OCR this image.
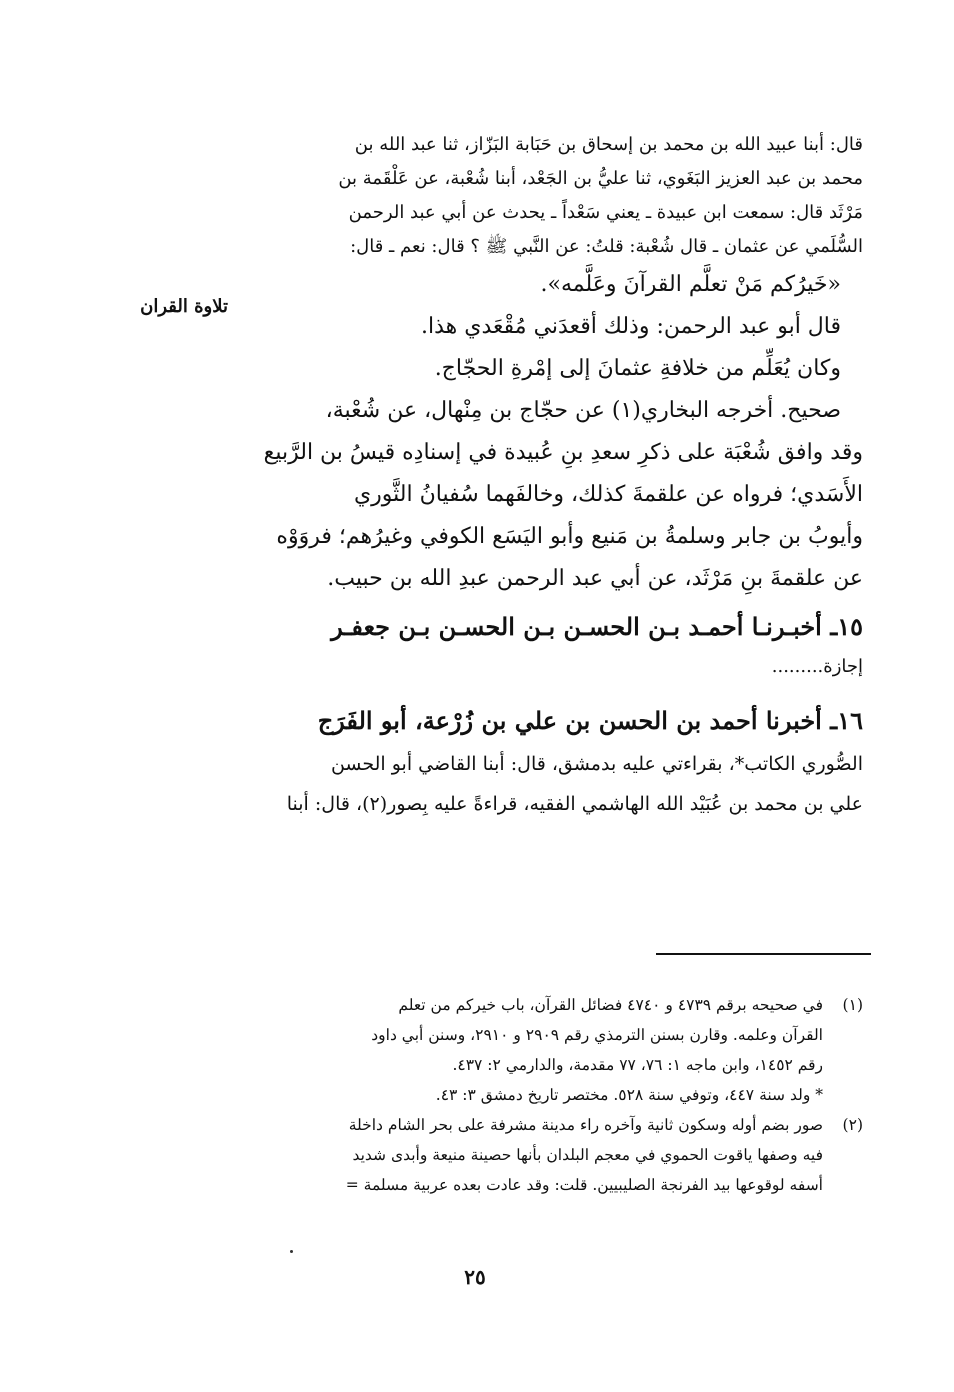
تلاوة القران
قال: أبنا عبيد الله بن محمد بن إسحاق بن حَبَابة البَزّاز، ثنا عبد الله بن
محمد بن عبد العزيز البَغَوي، ثنا عليُّ بن الجَعْد، أبنا شُعْبة، عن عَلْقَمة بن
مَرْثَد قال: سمعت ابن عبيدة ـ يعني سَعْداً ـ يحدث عن أبي عبد الرحمن
السُّلَمي عن عثمان ـ قال شُعْبة: قلتُ: عن النَّبي ﷺ ؟ قال: نعم ـ قال:
«خَيرُكم مَنْ تعلَّم القرآنَ وعَلَّمه».
قال أبو عبد الرحمن: وذلك أقعدَني مُقْعَدي هذا.
وكان يُعَلِّم من خلافةِ عثمانَ إلى إمْرةِ الحجّاج.
صحيح. أخرجه البخاري(١) عن حجّاج بن مِنْهال، عن شُعْبة،
وقد وافق شُعْبَة على ذكرِ سعدِ بنِ عُبيدة في إسنادِه قيسُ بن الرَّبيع
الأَسَدي؛ فرواه عن علقمةَ كذلك، وخالفَهما سُفيانُ الثَّوري
وأيوبُ بن جابر وسلمةُ بن مَنيع وأبو اليَسَع الكوفي وغيرُهم؛ فروَوْه
عن علقمةَ بنِ مَرْثَد، عن أبي عبد الرحمن عبدِ الله بن حبيب.
١٥ـ أخبـرنـا أحمـد بـن الحسـن بـن الحسـن بـن جعفـر
إجازة.........
١٦ـ أخبرنا أحمد بن الحسن بن علي بن زُرْعة، أبو الفَرَج
الصُّوري الكاتب*، بقراءتي عليه بدمشق، قال: أبنا القاضي أبو الحسن
علي بن محمد بن عُبَيْد الله الهاشمي الفقيه، قراءةً عليه بِصور(٢)، قال: أبنا
(١)في صحيحه برقم ٤٧٣٩ و ٤٧٤٠ فضائل القرآن، باب خيركم من تعلم
القرآن وعلمه. وقارن بسنن الترمذي رقم ٢٩٠٩ و ٢٩١٠، وسنن أبي داود
رقم ١٤٥٢، وابن ماجه ١: ٧٦، ٧٧ مقدمة، والدارمي ٢: ٤٣٧.
* ولد سنة ٤٤٧، وتوفي سنة ٥٢٨. مختصر تاريخ دمشق ٣: ٤٣.
(٢)صور بضم أوله وسكون ثانية وآخره راء مدينة مشرفة على بحر الشام داخلة
فيه وصفها ياقوت الحموي في معجم البلدان بأنها حصينة منيعة وأبدى شديد
أسفه لوقوعها بيد الفرنجة الصليبيين. قلت: وقد عادت بعده عربية مسلمة =
٢٥
